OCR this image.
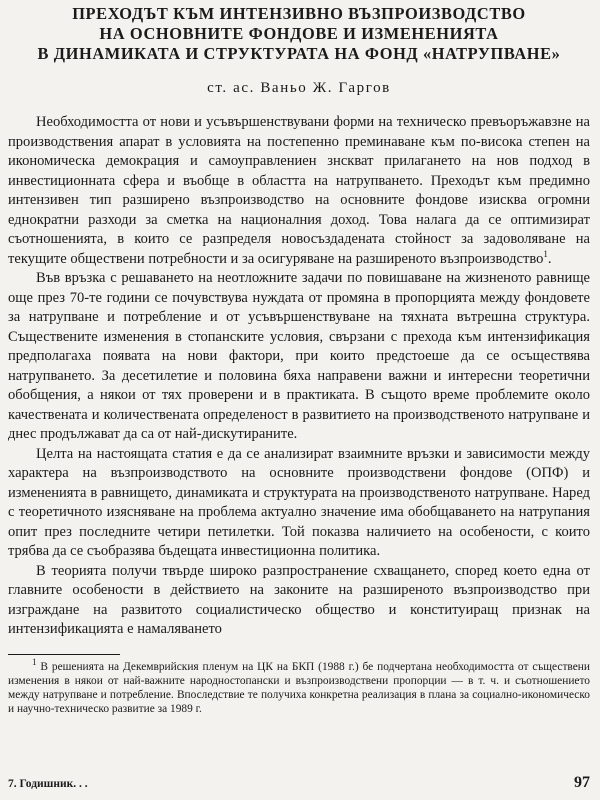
ПРЕХОДЪТ КЪМ ИНТЕНЗИВНО ВЪЗПРОИЗВОДСТВО
НА ОСНОВНИТЕ ФОНДОВЕ И ИЗМЕНЕНИЯТА
В ДИНАМИКАТА И СТРУКТУРАТА НА ФОНД «НАТРУПВАНЕ»
ст. ас. Ваньо Ж. Гаргов

Необходимостта от нови и усъвършенствувани форми на техническо превъоръжавзне на производствения апарат в условията на постепенно преминаване към по-висока степен на икономическа демокрация и самоуправлениен знскват прилагането на нов подход в инвестиционната сфера и въобще в областта на натрупването. Преходът към предимно интензивен тип разширено възпроизводство на основните фондове изисква огромни еднократни разходи за сметка на националния доход. Това налага да се оптимизират съотношенията, в които се разпределя новосъздадената стойност за задоволяване на текущите обществени потребности и за осигуряване на разширеното възпроизводство$^1$.

Във връзка с решаването на неотложните задачи по повишаване на жизненото равнище още през 70-те години се почувствува нуждата от промяна в пропорцията между фондовете за натрупване и потребление и от усъвършенствуване на тяхната вътрешна структура. Съществените изменения в стопанските условия, свързани с прехода към интензификация предполагаха появата на нови фактори, при които предстоеше да се осъществява натрупването. За десетилетие и половина бяха направени важни и интересни теоретични обобщения, а някои от тях проверени и в практиката. В същото време проблемите около качествената и количествената определеност в развитието на производственото натрупване и днес продължават да са от най-дискутираните.

Целта на настоящата статия е да се анализират взаимните връзки и зависимости между характера на възпроизводството на основните производствени фондове (ОПФ) и измененията в равнището, динамиката и структурата на производственото натрупване. Наред с теоретичното изясняване на проблема актуално значение има обобщаването на натрупания опит през последните четири петилетки. Той показва наличието на особености, с които трябва да се съобразява бъдещата инвестиционна политика.

В теорията получи твърде широко разпространение схващането, според което една от главните особености в действието на законите на разширеното възпроизводство при изграждане на развитото социалистическо общество и конституиращ признак на интензификацията е намаляването

$^1$ В решенията на Декемврийския пленум на ЦК на БКП (1988 г.) бе подчертана необходимостта от съществени изменения в някои от най-важните народностопански и възпроизводствени пропорции — в т. ч. и съотношението между натрупване и потребление. Впоследствие те получиха конкретна реализация в плана за социално-икономическо и научно-техническо развитие за 1989 г.
7. Годишник. . .	97
